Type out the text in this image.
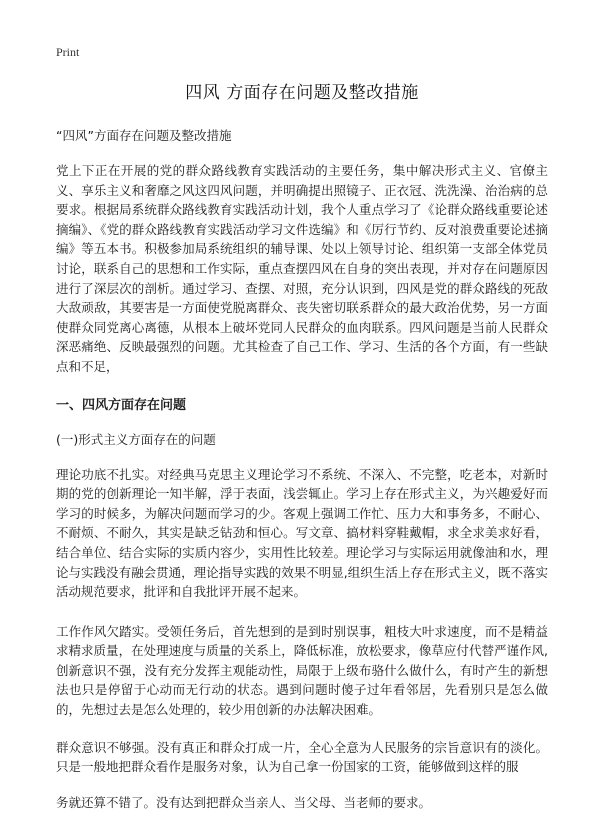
Print
四风 方面存在问题及整改措施

“四风”方面存在问题及整改措施

党上下正在开展的党的群众路线教育实践活动的主要任务，集中解决形式主义、官僚主义、享乐主义和奢靡之风这四风问题，并明确提出照镜子、正衣冠、洗洗澡、治治病的总要求。根据局系统群众路线教育实践活动计划，我个人重点学习了《论群众路线重要论述摘编》、《党的群众路线教育实践活动学习文件选编》和《厉行节约、反对浪费重要论述摘编》等五本书。积极参加局系统组织的辅导课、处以上领导讨论、组织第一支部全体党员讨论，联系自己的思想和工作实际，重点查摆四风在自身的突出表现，并对存在问题原因进行了深层次的剖析。通过学习、查摆、对照，充分认识到，四风是党的群众路线的死敌大敌顽敌，其要害是一方面使党脱离群众、丧失密切联系群众的最大政治优势，另一方面使群众同党离心离德，从根本上破坏党同人民群众的血肉联系。四风问题是当前人民群众深恶痛绝、反映最强烈的问题。尤其检查了自己工作、学习、生活的各个方面，有一些缺点和不足，

一、四风方面存在问题
(一)形式主义方面存在的问题

理论功底不扎实。对经典马克思主义理论学习不系统、不深入、不完整，吃老本，对新时期的党的创新理论一知半解，浮于表面，浅尝辄止。学习上存在形式主义，为兴趣爱好而学习的时候多，为解决问题而学习的少。客观上强调工作忙、压力大和事务多，不耐心、不耐烦、不耐久，其实是缺乏钻劲和恒心。写文章、搞材料穿鞋戴帽，求全求美求好看，结合单位、结合实际的实质内容少，实用性比较差。理论学习与实际运用就像油和水，理论与实践没有融会贯通，理论指导实践的效果不明显,组织生活上存在形式主义，既不落实活动规范要求，批评和自我批评开展不起来。

工作作风欠踏实。受领任务后，首先想到的是到时别误事，粗枝大叶求速度，而不是精益求精求质量，在处理速度与质量的关系上，降低标准，放松要求，像草应付代替严谨作风,创新意识不强，没有充分发挥主观能动性，局限于上级布骆什么做什么，有时产生的新想法也只是停留于心动而无行动的状态。遇到问题时傻子过年看邻居，先看别只是怎么做的，先想过去是怎么处理的，较少用创新的办法解决困难。

群众意识不够强。没有真正和群众打成一片，全心全意为人民服务的宗旨意识有的淡化。只是一般地把群众看作是服务对象，认为自己拿一份国家的工资，能够做到这样的服

务就还算不错了。没有达到把群众当亲人、当父母、当老师的要求。
